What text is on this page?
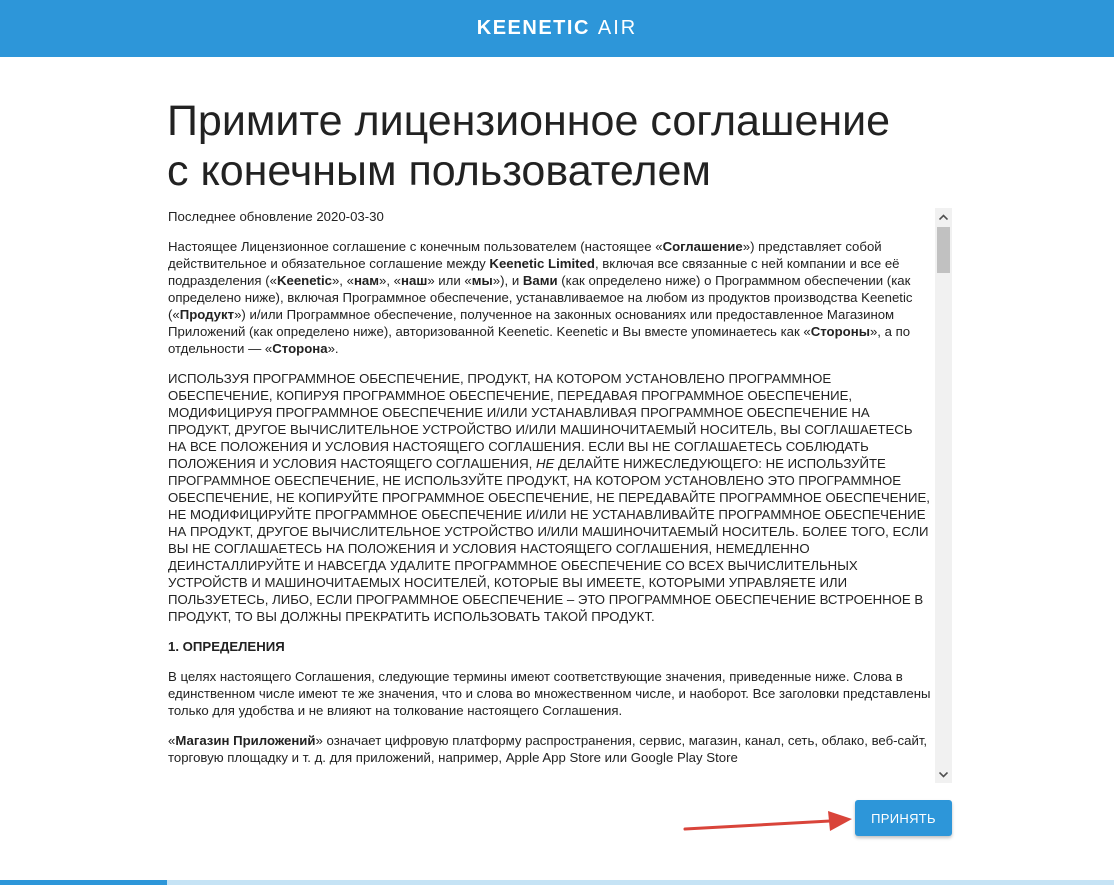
KEENETIC AIR
Примите лицензионное соглашение
с конечным пользователем

Последнее обновление 2020-03-30

Настоящее Лицензионное соглашение с конечным пользователем (настоящее «Соглашение») представляет собой действительное и обязательное соглашение между Keenetic Limited, включая все связанные с ней компании и все её подразделения («Keenetic», «нам», «наш» или «мы»), и Вами (как определено ниже) о Программном обеспечении (как определено ниже), включая Программное обеспечение, устанавливаемое на любом из продуктов производства Keenetic («Продукт») и/или Программное обеспечение, полученное на законных основаниях или предоставленное Магазином Приложений (как определено ниже), авторизованной Keenetic. Keenetic и Вы вместе упоминаетесь как «Стороны», а по отдельности — «Сторона».

ИСПОЛЬЗУЯ ПРОГРАММНОЕ ОБЕСПЕЧЕНИЕ, ПРОДУКТ, НА КОТОРОМ УСТАНОВЛЕНО ПРОГРАММНОЕ ОБЕСПЕЧЕНИЕ, КОПИРУЯ ПРОГРАММНОЕ ОБЕСПЕЧЕНИЕ, ПЕРЕДАВАЯ ПРОГРАММНОЕ ОБЕСПЕЧЕНИЕ, МОДИФИЦИРУЯ ПРОГРАММНОЕ ОБЕСПЕЧЕНИЕ И/ИЛИ УСТАНАВЛИВАЯ ПРОГРАММНОЕ ОБЕСПЕЧЕНИЕ НА ПРОДУКТ, ДРУГОЕ ВЫЧИСЛИТЕЛЬНОЕ УСТРОЙСТВО И/ИЛИ МАШИНОЧИТАЕМЫЙ НОСИТЕЛЬ, ВЫ СОГЛАШАЕТЕСЬ НА ВСЕ ПОЛОЖЕНИЯ И УСЛОВИЯ НАСТОЯЩЕГО СОГЛАШЕНИЯ. ЕСЛИ ВЫ НЕ СОГЛАШАЕТЕСЬ СОБЛЮДАТЬ ПОЛОЖЕНИЯ И УСЛОВИЯ НАСТОЯЩЕГО СОГЛАШЕНИЯ, НЕ ДЕЛАЙТЕ НИЖЕСЛЕДУЮЩЕГО: НЕ ИСПОЛЬЗУЙТЕ ПРОГРАММНОЕ ОБЕСПЕЧЕНИЕ, НЕ ИСПОЛЬЗУЙТЕ ПРОДУКТ, НА КОТОРОМ УСТАНОВЛЕНО ЭТО ПРОГРАММНОЕ ОБЕСПЕЧЕНИЕ, НЕ КОПИРУЙТЕ ПРОГРАММНОЕ ОБЕСПЕЧЕНИЕ, НЕ ПЕРЕДАВАЙТЕ ПРОГРАММНОЕ ОБЕСПЕЧЕНИЕ, НЕ МОДИФИЦИРУЙТЕ ПРОГРАММНОЕ ОБЕСПЕЧЕНИЕ И/ИЛИ НЕ УСТАНАВЛИВАЙТЕ ПРОГРАММНОЕ ОБЕСПЕЧЕНИЕ НА ПРОДУКТ, ДРУГОЕ ВЫЧИСЛИТЕЛЬНОЕ УСТРОЙСТВО И/ИЛИ МАШИНОЧИТАЕМЫЙ НОСИТЕЛЬ. БОЛЕЕ ТОГО, ЕСЛИ ВЫ НЕ СОГЛАШАЕТЕСЬ НА ПОЛОЖЕНИЯ И УСЛОВИЯ НАСТОЯЩЕГО СОГЛАШЕНИЯ, НЕМЕДЛЕННО ДЕИНСТАЛЛИРУЙТЕ И НАВСЕГДА УДАЛИТЕ ПРОГРАММНОЕ ОБЕСПЕЧЕНИЕ СО ВСЕХ ВЫЧИСЛИТЕЛЬНЫХ УСТРОЙСТВ И МАШИНОЧИТАЕМЫХ НОСИТЕЛЕЙ, КОТОРЫЕ ВЫ ИМЕЕТЕ, КОТОРЫМИ УПРАВЛЯЕТЕ ИЛИ ПОЛЬЗУЕТЕСЬ, ЛИБО, ЕСЛИ ПРОГРАММНОЕ ОБЕСПЕЧЕНИЕ – ЭТО ПРОГРАММНОЕ ОБЕСПЕЧЕНИЕ ВСТРОЕННОЕ В ПРОДУКТ, ТО ВЫ ДОЛЖНЫ ПРЕКРАТИТЬ ИСПОЛЬЗОВАТЬ ТАКОЙ ПРОДУКТ.

1. ОПРЕДЕЛЕНИЯ

В целях настоящего Соглашения, следующие термины имеют соответствующие значения, приведенные ниже. Слова в единственном числе имеют те же значения, что и слова во множественном числе, и наоборот. Все заголовки представлены только для удобства и не влияют на толкование настоящего Соглашения.

«Магазин Приложений» означает цифровую платформу распространения, сервис, магазин, канал, сеть, облако, веб-сайт, торговую площадку и т. д. для приложений, например, Apple App Store или Google Play Store

ПРИНЯТЬ
